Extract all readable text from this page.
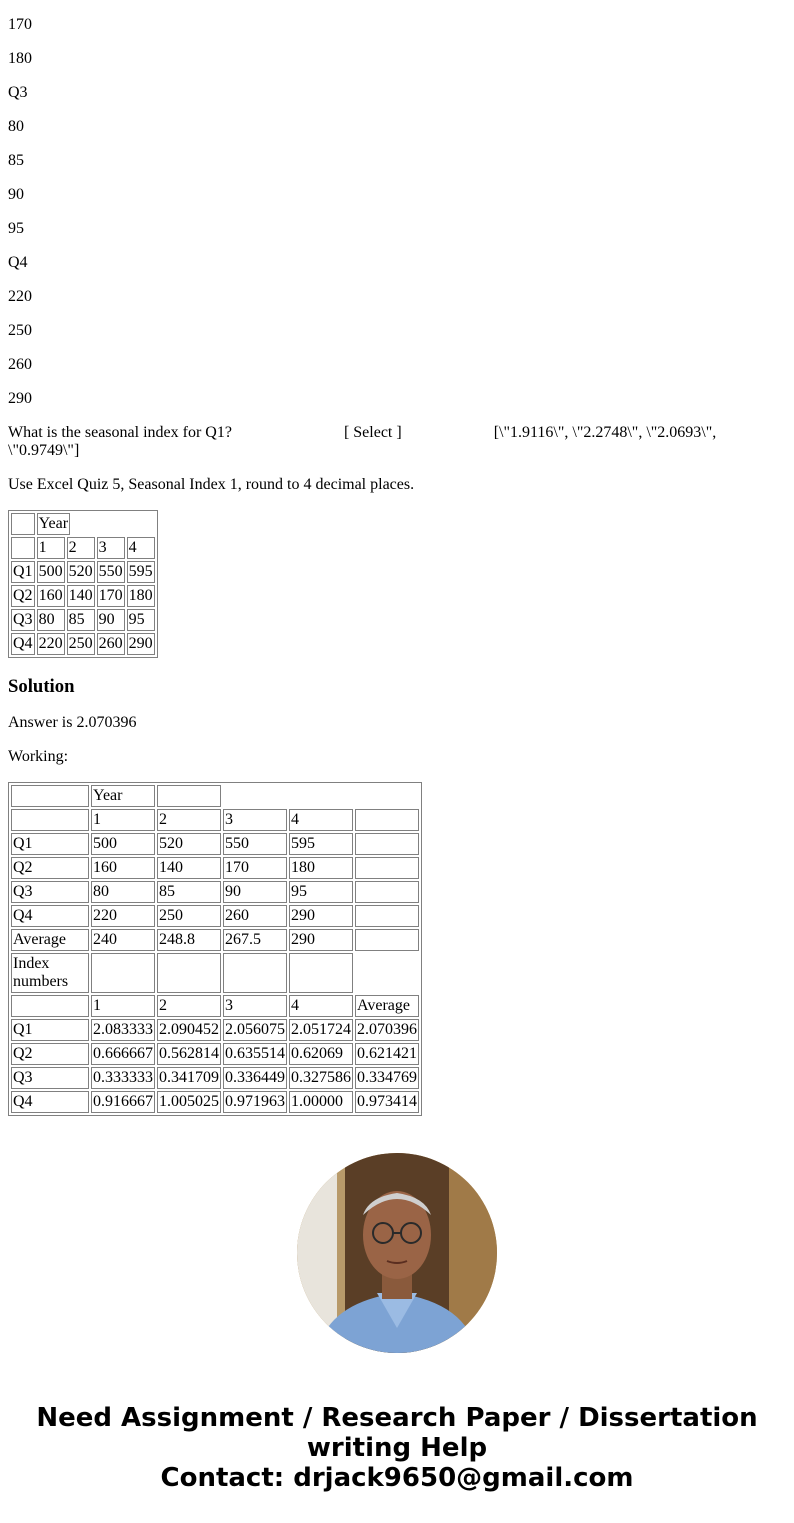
170

180

Q3

80

85

90

95

Q4

220

250

260

290

What is the seasonal index for Q1?	[ Select ]	[\"1.9116\", \"2.2748\", \"2.0693\", \"0.9749\"]

Use Excel Quiz 5, Seasonal Index 1, round to 4 decimal places.

	Year			
	1	2	3	4
Q1	500	520	550	595
Q2	160	140	170	180
Q3	80	85	90	95
Q4	220	250	260	290
Solution

Answer is 2.070396

Working:

	Year				
	1	2	3	4	
Q1	500	520	550	595	
Q2	160	140	170	180	
Q3	80	85	90	95	
Q4	220	250	260	290	
Average	240	248.8	267.5	290	
Index numbers					
	1	2	3	4	Average
Q1	2.083333	2.090452	2.056075	2.051724	2.070396
Q2	0.666667	0.562814	0.635514	0.62069	0.621421
Q3	0.333333	0.341709	0.336449	0.327586	0.334769
Q4	0.916667	1.005025	0.971963	1.00000	0.973414
Need Assignment / Research Paper / Dissertation
writing Help
Contact: drjack9650@gmail.com
